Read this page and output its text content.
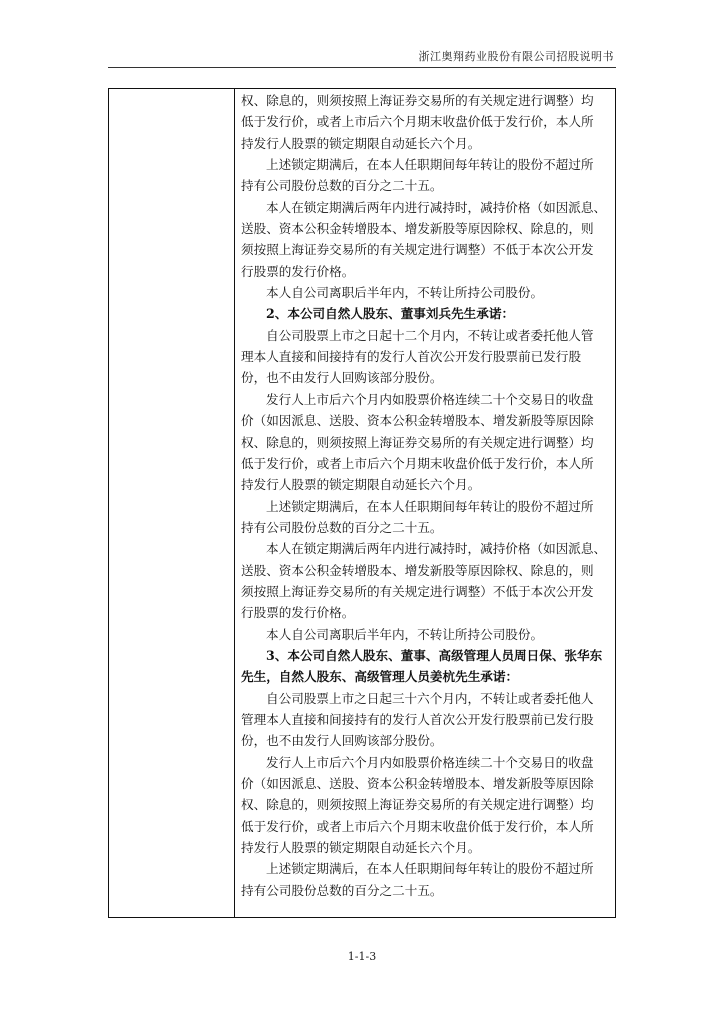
浙江奥翔药业股份有限公司招股说明书
权、除息的，则须按照上海证券交易所的有关规定进行调整）均
低于发行价，或者上市后六个月期末收盘价低于发行价，本人所
持发行人股票的锁定期限自动延长六个月。
上述锁定期满后，在本人任职期间每年转让的股份不超过所
持有公司股份总数的百分之二十五。
本人在锁定期满后两年内进行减持时，减持价格（如因派息、
送股、资本公积金转增股本、增发新股等原因除权、除息的，则
须按照上海证券交易所的有关规定进行调整）不低于本次公开发
行股票的发行价格。
本人自公司离职后半年内，不转让所持公司股份。
2、本公司自然人股东、董事刘兵先生承诺：
自公司股票上市之日起十二个月内，不转让或者委托他人管
理本人直接和间接持有的发行人首次公开发行股票前已发行股
份，也不由发行人回购该部分股份。
发行人上市后六个月内如股票价格连续二十个交易日的收盘
价（如因派息、送股、资本公积金转增股本、增发新股等原因除
权、除息的，则须按照上海证券交易所的有关规定进行调整）均
低于发行价，或者上市后六个月期末收盘价低于发行价，本人所
持发行人股票的锁定期限自动延长六个月。
上述锁定期满后，在本人任职期间每年转让的股份不超过所
持有公司股份总数的百分之二十五。
本人在锁定期满后两年内进行减持时，减持价格（如因派息、
送股、资本公积金转增股本、增发新股等原因除权、除息的，则
须按照上海证券交易所的有关规定进行调整）不低于本次公开发
行股票的发行价格。
本人自公司离职后半年内，不转让所持公司股份。
3、本公司自然人股东、董事、高级管理人员周日保、张华东
先生，自然人股东、高级管理人员姜杭先生承诺：
自公司股票上市之日起三十六个月内，不转让或者委托他人
管理本人直接和间接持有的发行人首次公开发行股票前已发行股
份，也不由发行人回购该部分股份。
发行人上市后六个月内如股票价格连续二十个交易日的收盘
价（如因派息、送股、资本公积金转增股本、增发新股等原因除
权、除息的，则须按照上海证券交易所的有关规定进行调整）均
低于发行价，或者上市后六个月期末收盘价低于发行价，本人所
持发行人股票的锁定期限自动延长六个月。
上述锁定期满后，在本人任职期间每年转让的股份不超过所
持有公司股份总数的百分之二十五。
1-1-3
